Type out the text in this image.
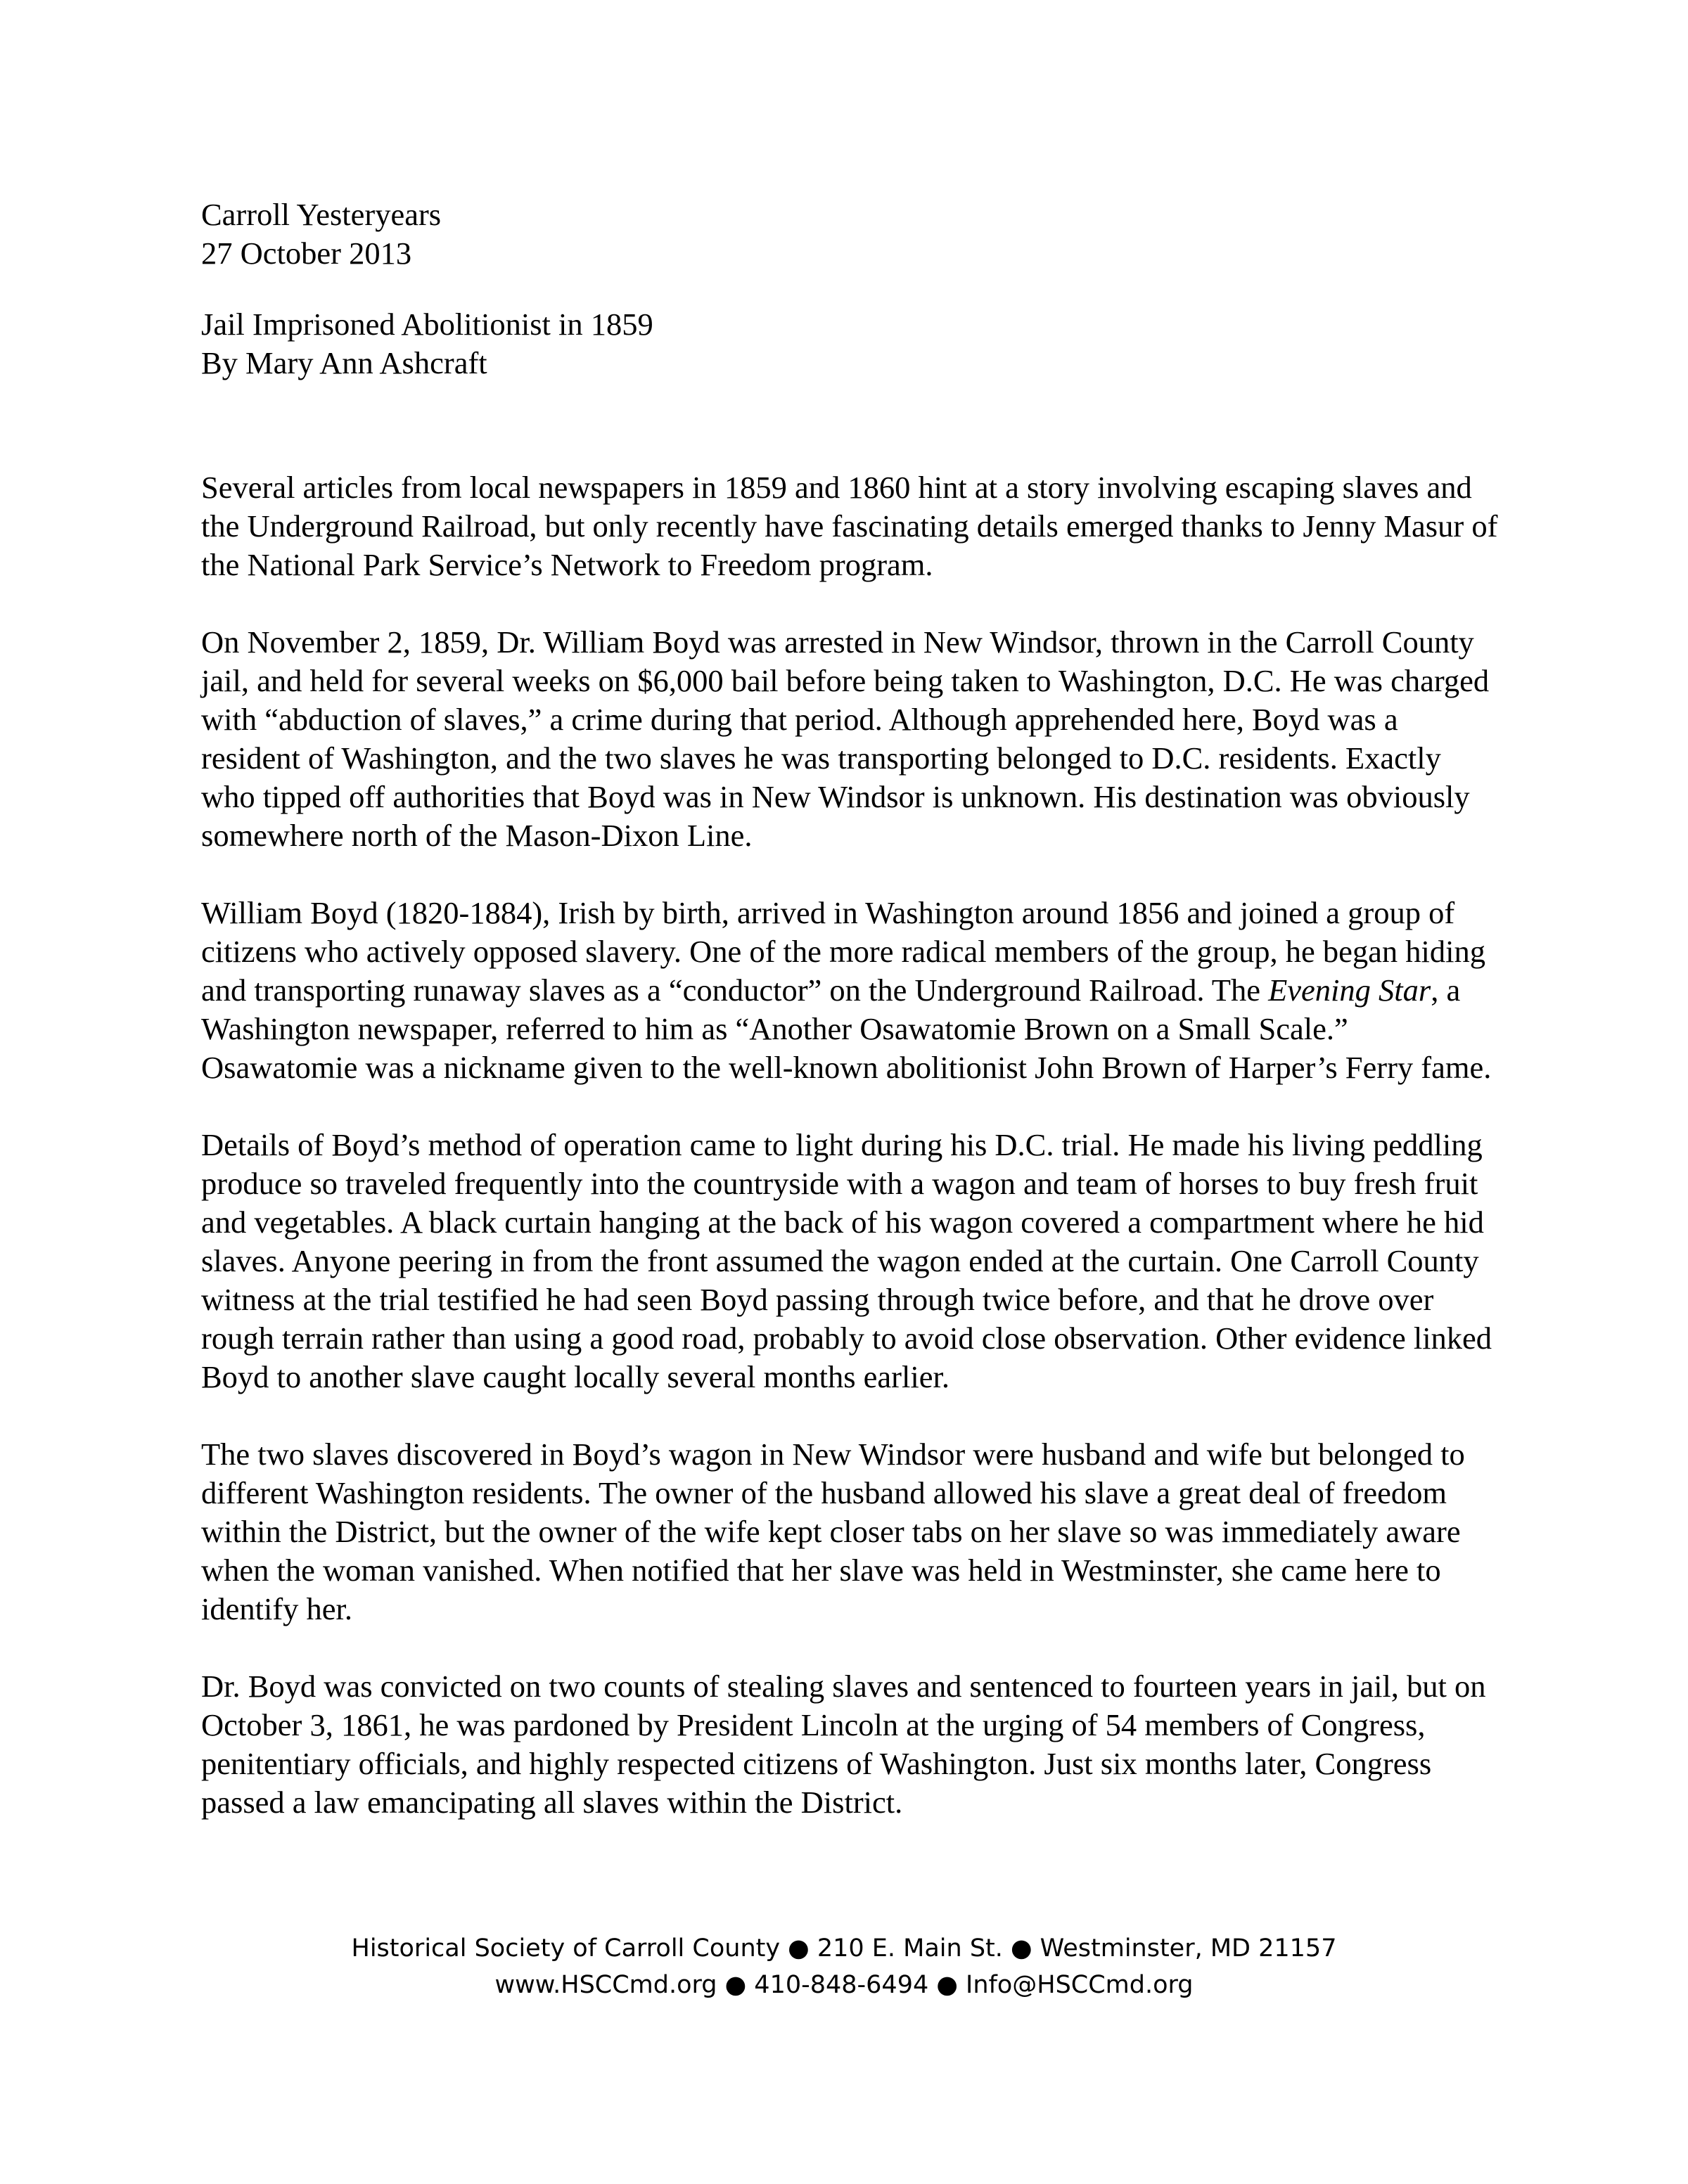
Carroll Yesteryears

27 October 2013

Jail Imprisoned Abolitionist in 1859

By Mary Ann Ashcraft

Several articles from local newspapers in 1859 and 1860 hint at a story involving escaping slaves and the Underground Railroad, but only recently have fascinating details emerged thanks to Jenny Masur of the National Park Service’s Network to Freedom program.

On November 2, 1859, Dr. William Boyd was arrested in New Windsor, thrown in the Carroll County jail, and held for several weeks on $6,000 bail before being taken to Washington, D.C. He was charged with “abduction of slaves,” a crime during that period. Although apprehended here, Boyd was a resident of Washington, and the two slaves he was transporting belonged to D.C. residents. Exactly who tipped off authorities that Boyd was in New Windsor is unknown. His destination was obviously somewhere north of the Mason-Dixon Line.

William Boyd (1820-1884), Irish by birth, arrived in Washington around 1856 and joined a group of citizens who actively opposed slavery. One of the more radical members of the group, he began hiding and transporting runaway slaves as a “conductor” on the Underground Railroad. The Evening Star, a Washington newspaper, referred to him as “Another Osawatomie Brown on a Small Scale.” Osawatomie was a nickname given to the well-known abolitionist John Brown of Harper’s Ferry fame.

Details of Boyd’s method of operation came to light during his D.C. trial. He made his living peddling produce so traveled frequently into the countryside with a wagon and team of horses to buy fresh fruit and vegetables. A black curtain hanging at the back of his wagon covered a compartment where he hid slaves. Anyone peering in from the front assumed the wagon ended at the curtain. One Carroll County witness at the trial testified he had seen Boyd passing through twice before, and that he drove over rough terrain rather than using a good road, probably to avoid close observation. Other evidence linked Boyd to another slave caught locally several months earlier.

The two slaves discovered in Boyd’s wagon in New Windsor were husband and wife but belonged to different Washington residents. The owner of the husband allowed his slave a great deal of freedom within the District, but the owner of the wife kept closer tabs on her slave so was immediately aware when the woman vanished. When notified that her slave was held in Westminster, she came here to identify her.

Dr. Boyd was convicted on two counts of stealing slaves and sentenced to fourteen years in jail, but on October 3, 1861, he was pardoned by President Lincoln at the urging of 54 members of Congress, penitentiary officials, and highly respected citizens of Washington. Just six months later, Congress passed a law emancipating all slaves within the District.

Historical Society of Carroll County ● 210 E. Main St. ● Westminster, MD 21157

www.HSCCmd.org ● 410-848-6494 ● Info@HSCCmd.org
